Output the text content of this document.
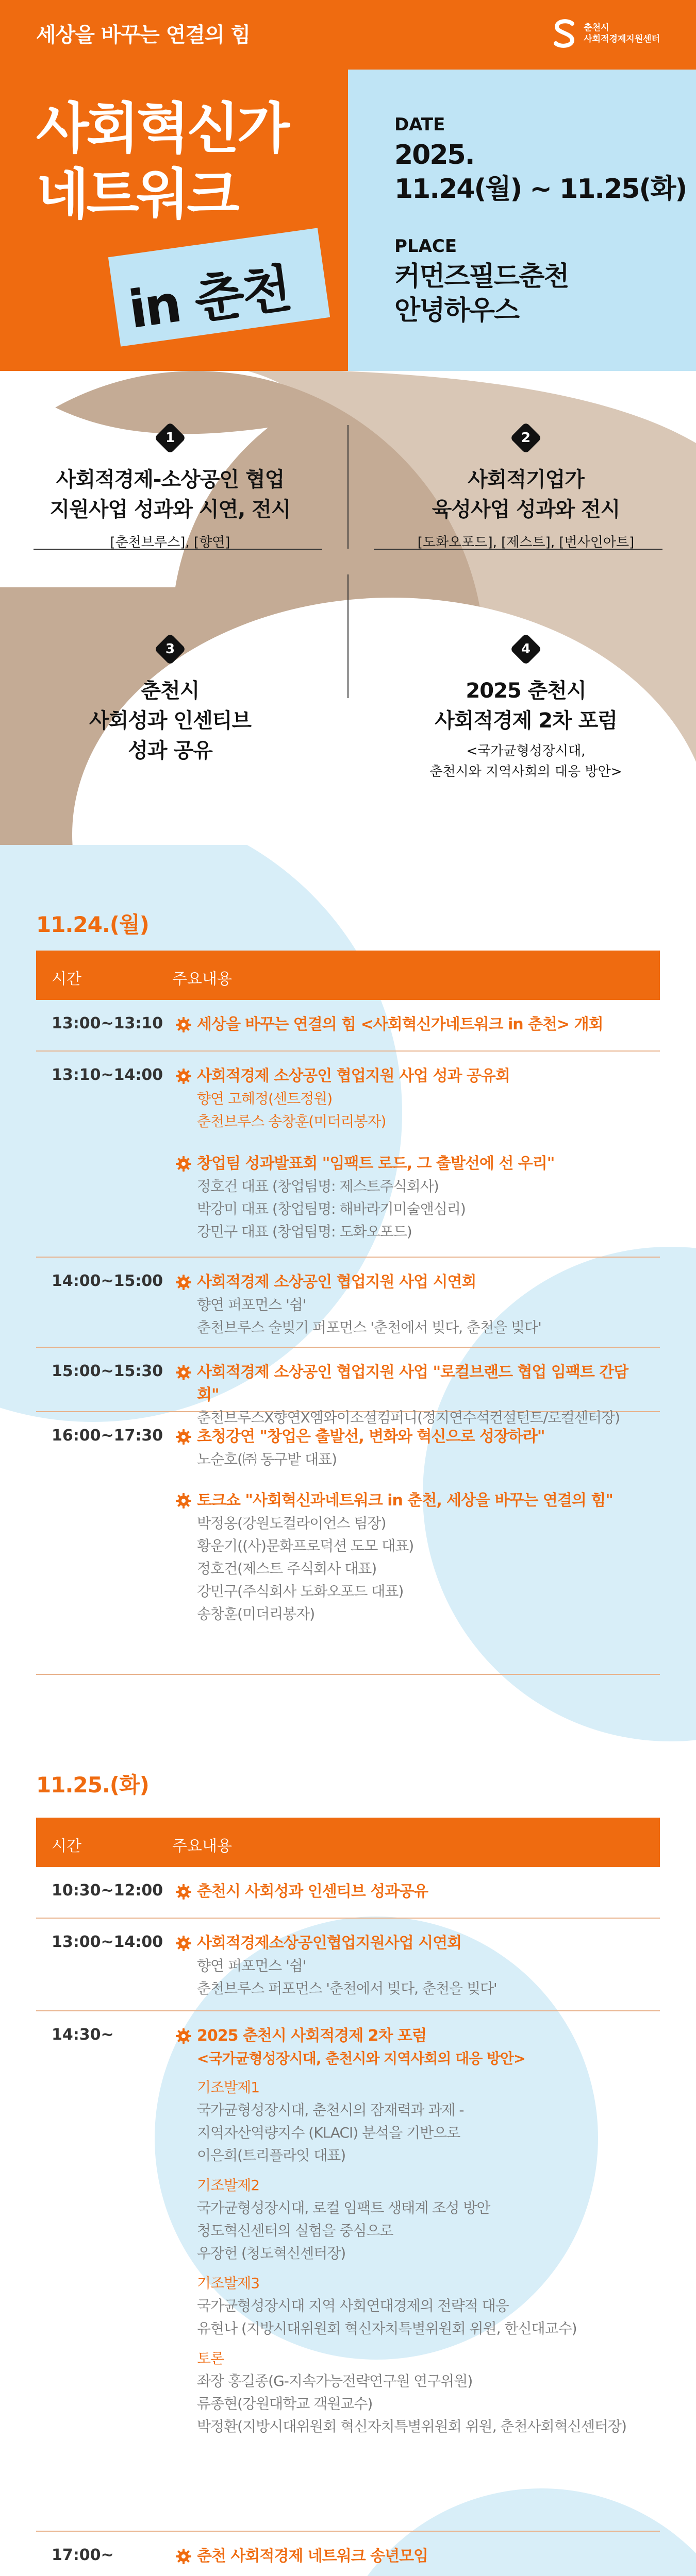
세상을 바꾸는 연결의 힘	춘천시
사회적경제지원센터
사회혁신가
네트워크
in 춘천
DATE
2025.
11.24(월) ~ 11.25(화)
PLACE
커먼즈필드춘천
안녕하우스
1
사회적경제-소상공인 협업
지원사업 성과와 시연, 전시
[춘천브루스], [향연]
2
사회적기업가
육성사업 성과와 전시
[도화오포드], [제스트], [번사인아트]
3
춘천시
사회성과 인센티브
성과 공유
4
2025 춘천시
사회적경제 2차 포럼
<국가균형성장시대,
춘천시와 지역사회의 대응 방안>
11.24.(월)
시간	주요내용
13:00~13:10	세상을 바꾸는 연결의 힘 <사회혁신가네트워크 in 춘천> 개회
13:10~14:00	사회적경제 소상공인 협업지원 사업 성과 공유회
향연 고혜정(센트정원)
춘천브루스 송창훈(미더리봉자)
창업팀 성과발표회 "임팩트 로드, 그 출발선에 선 우리"
정호건 대표 (창업팀명: 제스트주식회사)
박강미 대표 (창업팀명: 해바라기미술앤심리)
강민구 대표 (창업팀명: 도화오포드)
14:00~15:00	사회적경제 소상공인 협업지원 사업 시연회
향연 퍼포먼스 '쉼'
춘천브루스 술빚기 퍼포먼스 '춘천에서 빚다, 춘천을 빚다'
15:00~15:30	사회적경제 소상공인 협업지원 사업 "로컬브랜드 협업 임팩트 간담회"
춘천브루스X향연X엠와이소셜컴퍼니(정지연수석컨설턴트/로컬센터장)
16:00~17:30	초청강연 "창업은 출발선, 변화와 혁신으로 성장하라"
노순호(㈜ 동구밭 대표)
토크쇼 "사회혁신과네트워크 in 춘천, 세상을 바꾸는 연결의 힘"
박정옹(강원도컬라이언스 팀장)
황운기((사)문화프로덕션 도모 대표)
정호건(제스트 주식회사 대표)
강민구(주식회사 도화오포드 대표)
송창훈(미더리봉자)
11.25.(화)
시간	주요내용
10:30~12:00	춘천시 사회성과 인센티브 성과공유
13:00~14:00	사회적경제소상공인협업지원사업 시연회
향연 퍼포먼스 '쉼'
춘천브루스 퍼포먼스 '춘천에서 빚다, 춘천을 빚다'
14:30~	2025 춘천시 사회적경제 2차 포럼
<국가균형성장시대, 춘천시와 지역사회의 대응 방안>
기조발제1
국가균형성장시대, 춘천시의 잠재력과 과제 -
지역자산역량지수 (KLACI) 분석을 기반으로
이은희(트리플라잇 대표)
기조발제2
국가균형성장시대, 로컬 임팩트 생태계 조성 방안
청도혁신센터의 실험을 중심으로
우장헌 (청도혁신센터장)
기조발제3
국가균형성장시대 지역 사회연대경제의 전략적 대응
유현나 (지방시대위원회 혁신자치특별위원회 위원, 한신대교수)
토론
좌장 홍길종(G-지속가능전략연구원 연구위원)
류종현(강원대학교 객원교수)
박정환(지방시대위원회 혁신자치특별위원회 위원, 춘천사회혁신센터장)
17:00~	춘천 사회적경제 네트워크 송년모임
